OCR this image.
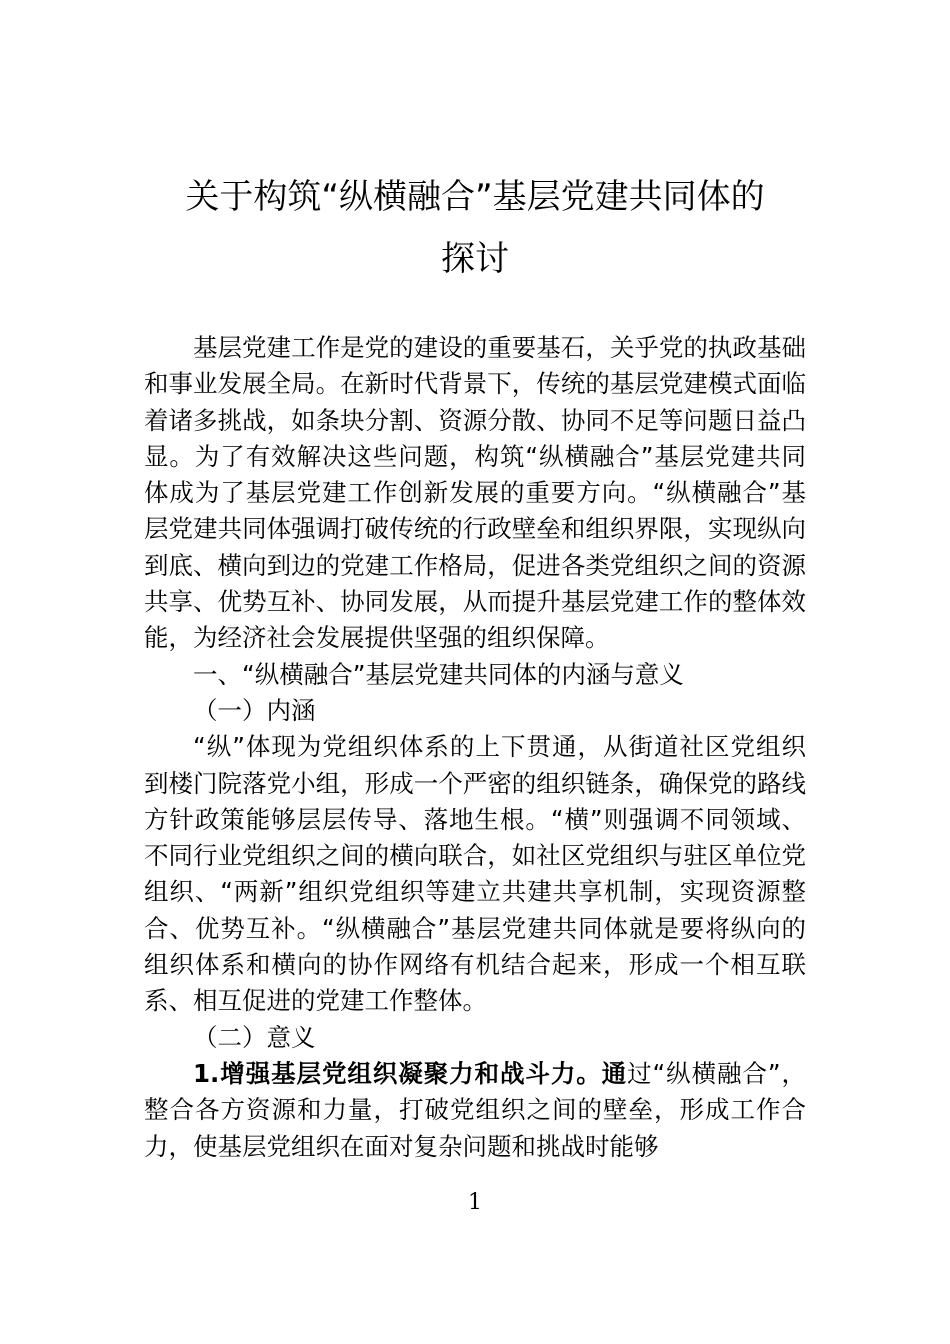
关于构筑“纵横融合”基层党建共同体的
探讨

基层党建工作是党的建设的重要基石，关乎党的执政基础和事业发展全局。在新时代背景下，传统的基层党建模式面临着诸多挑战，如条块分割、资源分散、协同不足等问题日益凸显。为了有效解决这些问题，构筑“纵横融合”基层党建共同体成为了基层党建工作创新发展的重要方向。“纵横融合”基层党建共同体强调打破传统的行政壁垒和组织界限，实现纵向到底、横向到边的党建工作格局，促进各类党组织之间的资源共享、优势互补、协同发展，从而提升基层党建工作的整体效能，为经济社会发展提供坚强的组织保障。

一、“纵横融合”基层党建共同体的内涵与意义

（一）内涵

“纵”体现为党组织体系的上下贯通，从街道社区党组织到楼门院落党小组，形成一个严密的组织链条，确保党的路线方针政策能够层层传导、落地生根。“横”则强调不同领域、不同行业党组织之间的横向联合，如社区党组织与驻区单位党组织、“两新”组织党组织等建立共建共享机制，实现资源整合、优势互补。“纵横融合”基层党建共同体就是要将纵向的组织体系和横向的协作网络有机结合起来，形成一个相互联系、相互促进的党建工作整体。

（二）意义

1.增强基层党组织凝聚力和战斗力。通过“纵横融合”，整合各方资源和力量，打破党组织之间的壁垒，形成工作合力，使基层党组织在面对复杂问题和挑战时能够

1
